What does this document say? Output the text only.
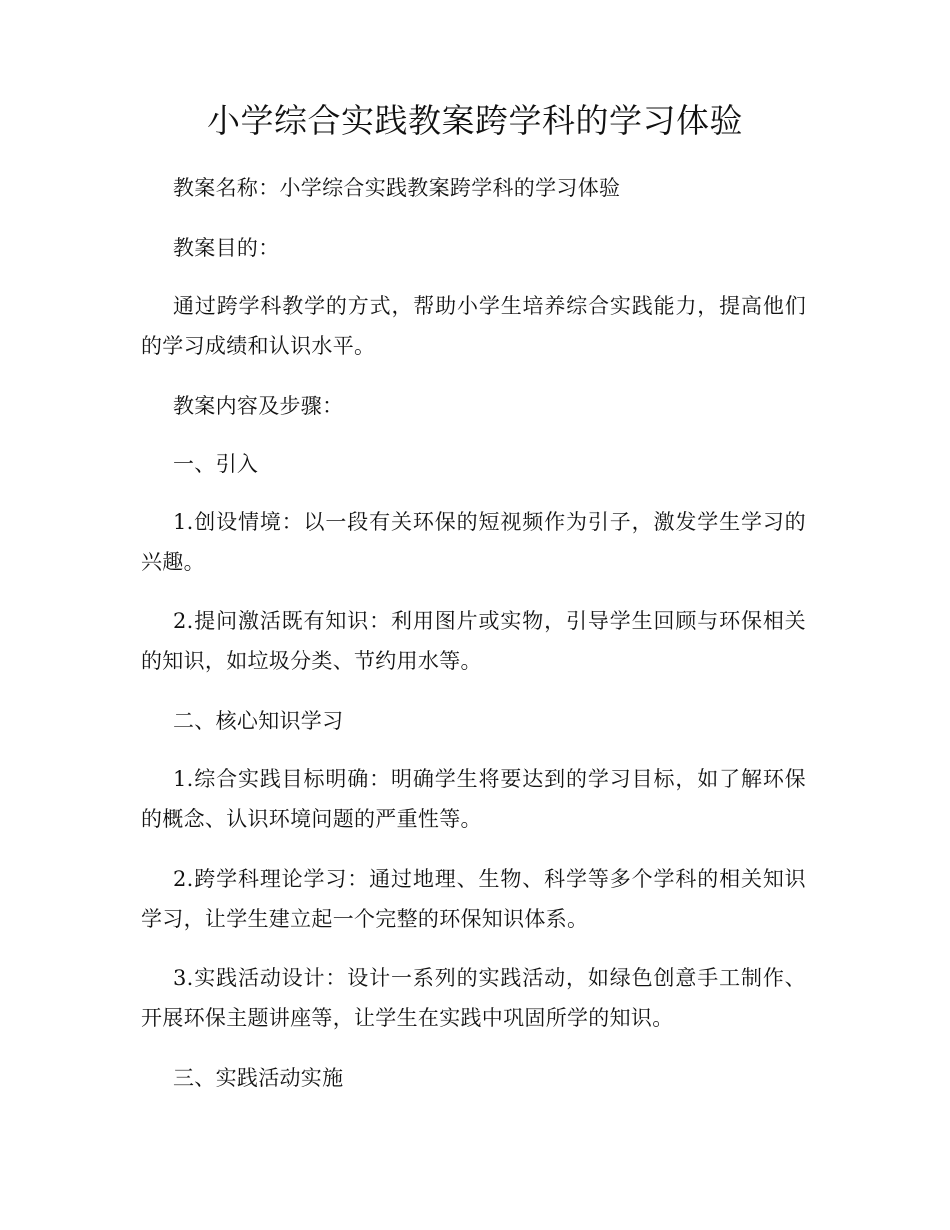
小学综合实践教案跨学科的学习体验

教案名称：小学综合实践教案跨学科的学习体验

教案目的：

通过跨学科教学的方式，帮助小学生培养综合实践能力，提高他们的学习成绩和认识水平。

教案内容及步骤：

一、引入

1.创设情境：以一段有关环保的短视频作为引子，激发学生学习的兴趣。

2.提问激活既有知识：利用图片或实物，引导学生回顾与环保相关的知识，如垃圾分类、节约用水等。

二、核心知识学习

1.综合实践目标明确：明确学生将要达到的学习目标，如了解环保的概念、认识环境问题的严重性等。

2.跨学科理论学习：通过地理、生物、科学等多个学科的相关知识学习，让学生建立起一个完整的环保知识体系。

3.实践活动设计：设计一系列的实践活动，如绿色创意手工制作、开展环保主题讲座等，让学生在实践中巩固所学的知识。

三、实践活动实施
